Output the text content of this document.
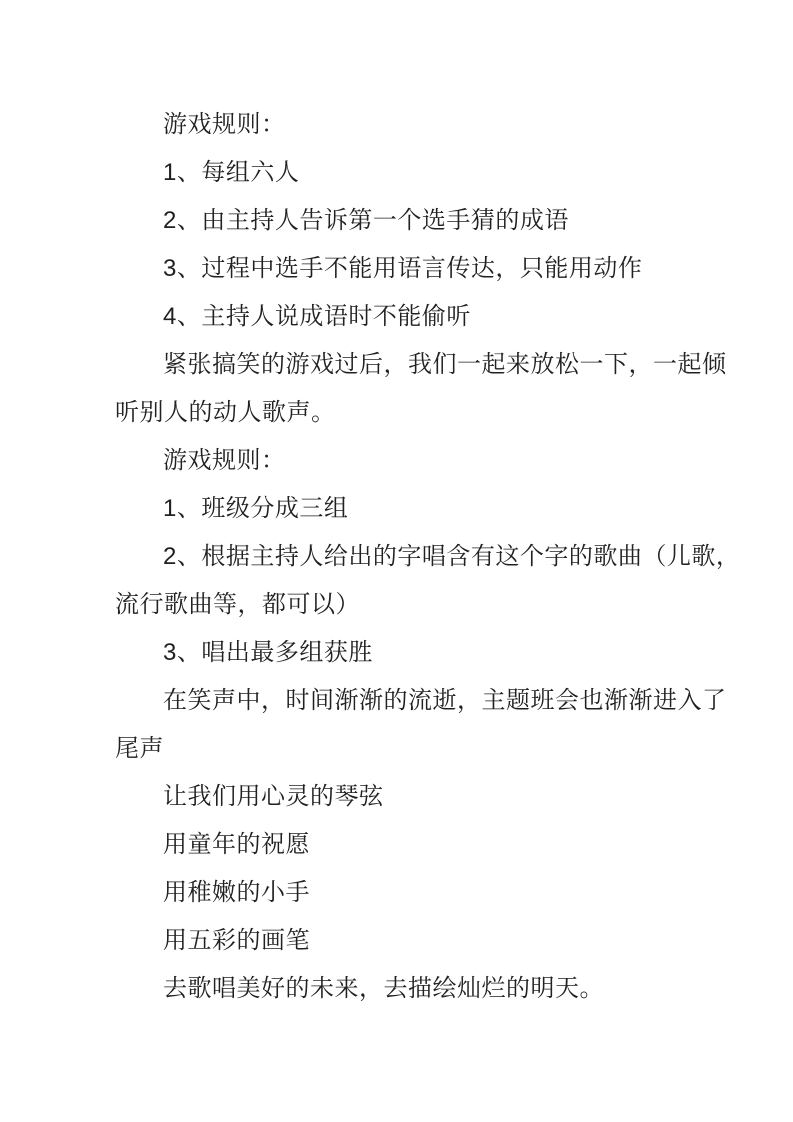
游戏规则：
1、每组六人
2、由主持人告诉第一个选手猜的成语
3、过程中选手不能用语言传达，只能用动作
4、主持人说成语时不能偷听
紧张搞笑的游戏过后，我们一起来放松一下，一起倾
听别人的动人歌声。
游戏规则：
1、班级分成三组
2、根据主持人给出的字唱含有这个字的歌曲（儿歌，
流行歌曲等，都可以）
3、唱出最多组获胜
在笑声中，时间渐渐的流逝，主题班会也渐渐进入了
尾声
让我们用心灵的琴弦
用童年的祝愿
用稚嫩的小手
用五彩的画笔
去歌唱美好的未来，去描绘灿烂的明天。
